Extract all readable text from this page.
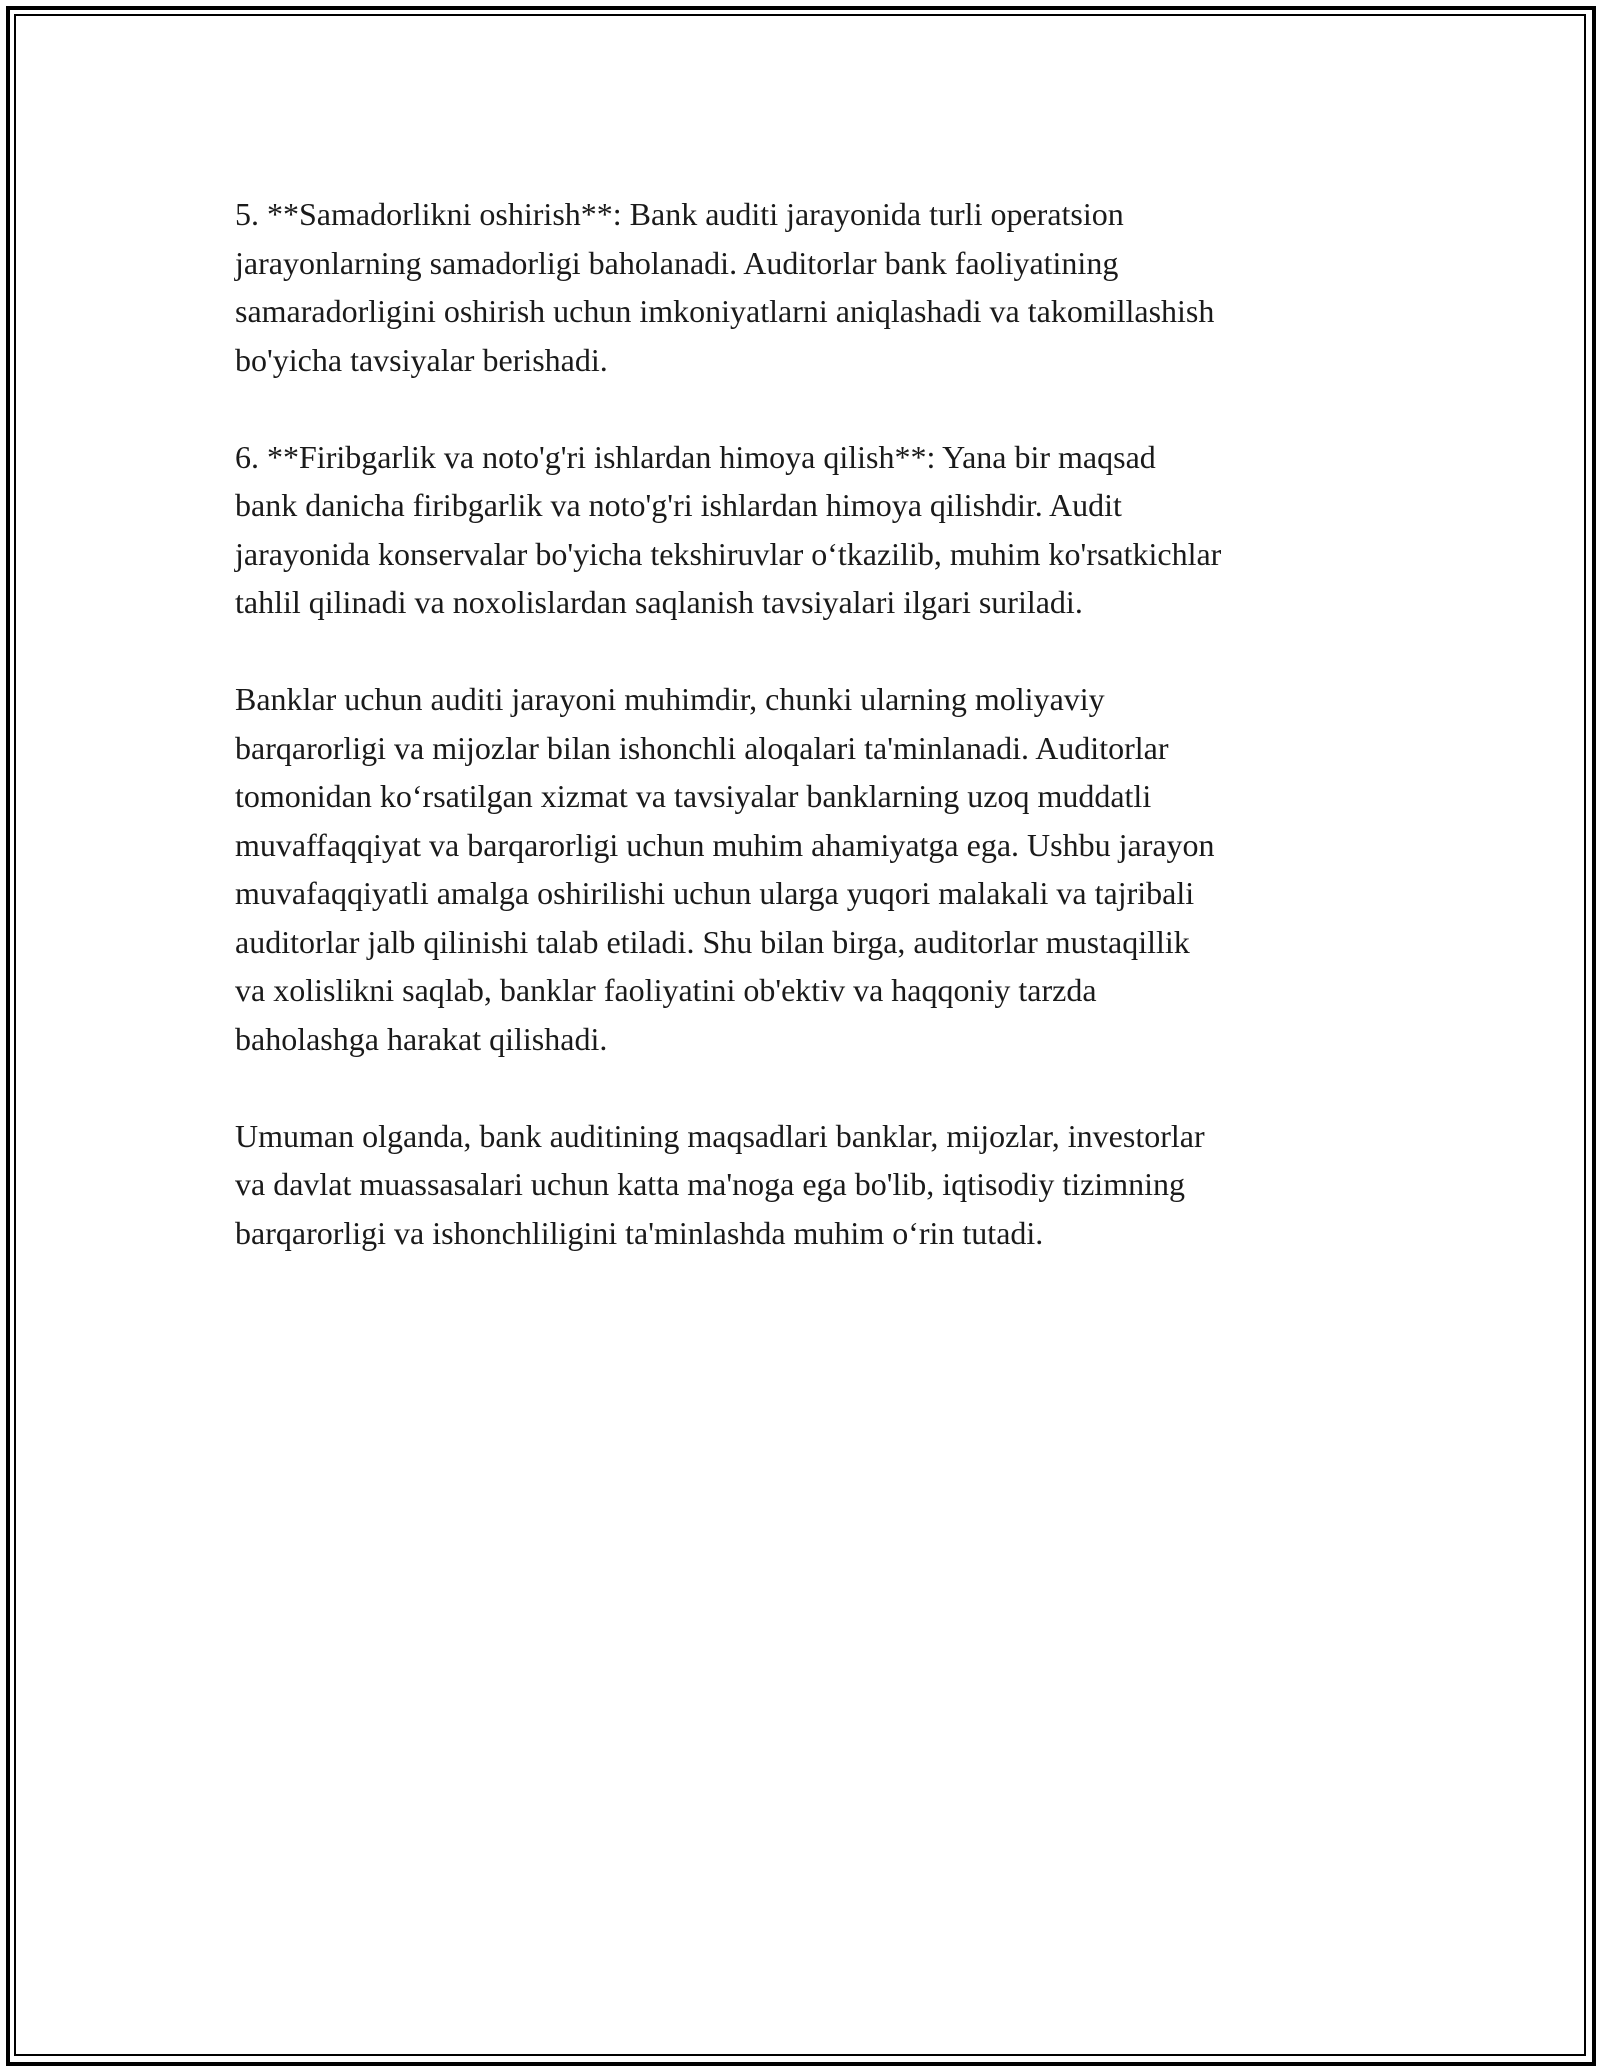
5. **Samadorlikni oshirish**: Bank auditi jarayonida turli operatsion
jarayonlarning samadorligi baholanadi. Auditorlar bank faoliyatining
samaradorligini oshirish uchun imkoniyatlarni aniqlashadi va takomillashish
bo'yicha tavsiyalar berishadi.

6. **Firibgarlik va noto'g'ri ishlardan himoya qilish**: Yana bir maqsad
bank danicha firibgarlik va noto'g'ri ishlardan himoya qilishdir. Audit
jarayonida konservalar bo'yicha tekshiruvlar o‘tkazilib, muhim ko'rsatkichlar
tahlil qilinadi va noxolislardan saqlanish tavsiyalari ilgari suriladi.

Banklar uchun auditi jarayoni muhimdir, chunki ularning moliyaviy
barqarorligi va mijozlar bilan ishonchli aloqalari ta'minlanadi. Auditorlar
tomonidan ko‘rsatilgan xizmat va tavsiyalar banklarning uzoq muddatli
muvaffaqqiyat va barqarorligi uchun muhim ahamiyatga ega. Ushbu jarayon
muvafaqqiyatli amalga oshirilishi uchun ularga yuqori malakali va tajribali
auditorlar jalb qilinishi talab etiladi. Shu bilan birga, auditorlar mustaqillik
va xolislikni saqlab, banklar faoliyatini ob'ektiv va haqqoniy tarzda
baholashga harakat qilishadi.

Umuman olganda, bank auditining maqsadlari banklar, mijozlar, investorlar
va davlat muassasalari uchun katta ma'noga ega bo'lib, iqtisodiy tizimning
barqarorligi va ishonchliligini ta'minlashda muhim o‘rin tutadi.
